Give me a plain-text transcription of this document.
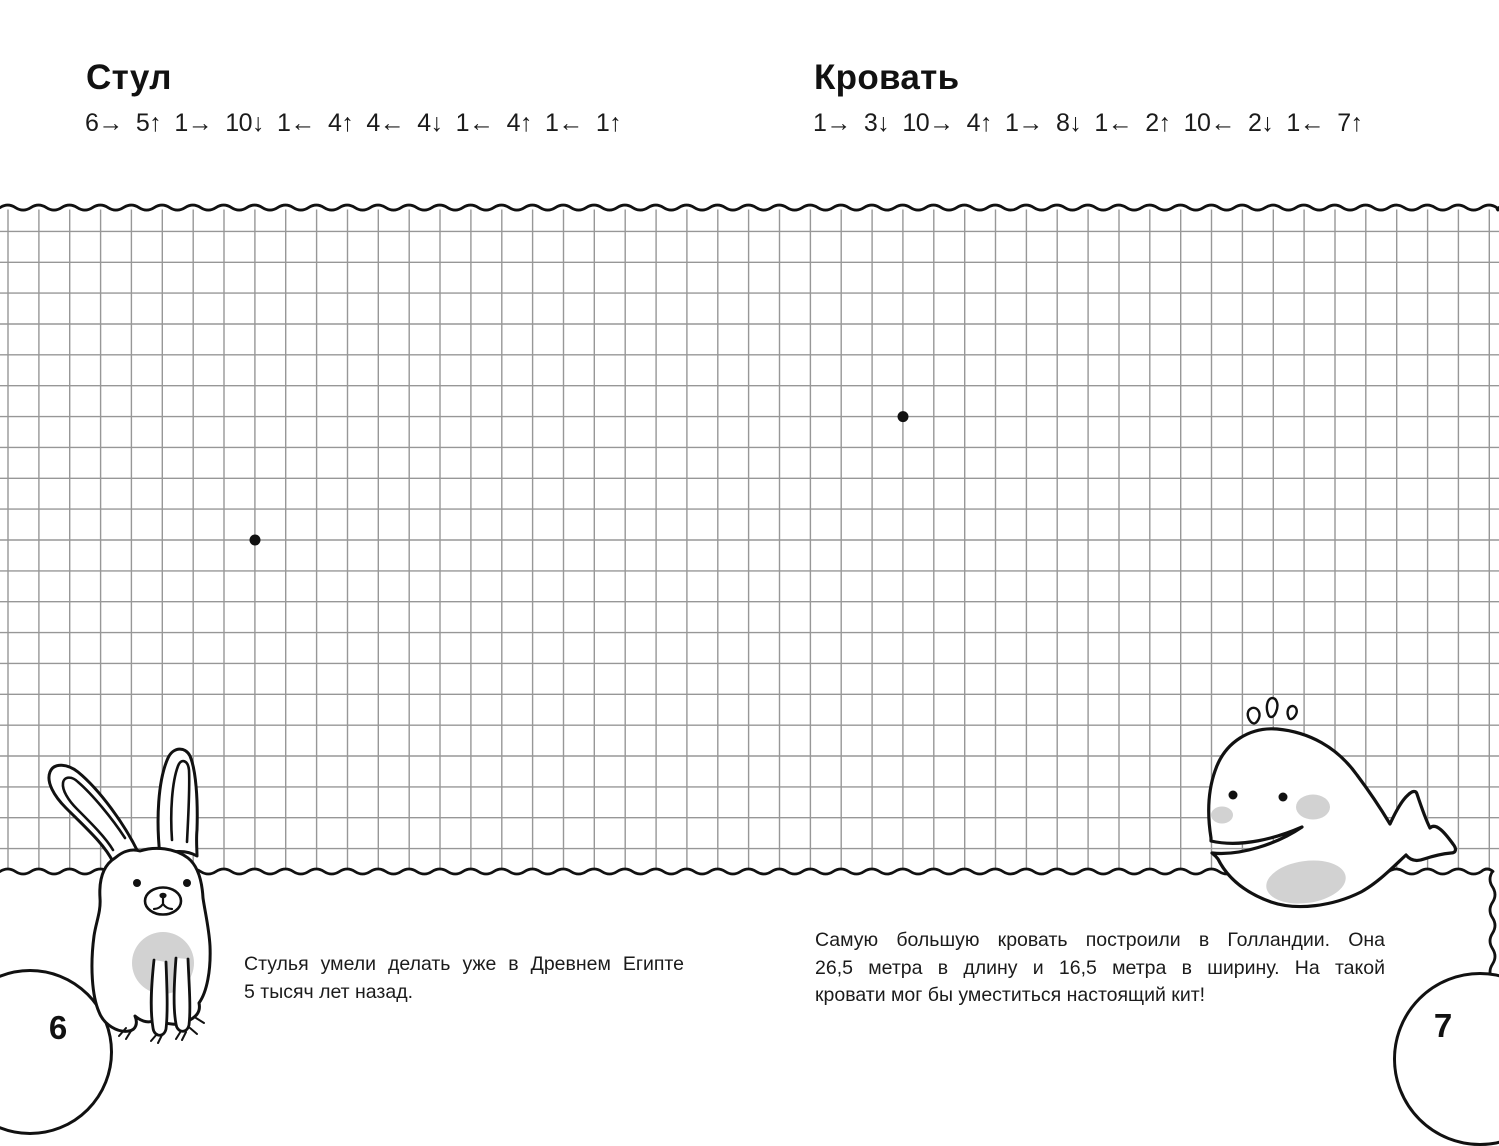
Стул
6→ 5↑ 1→ 10↓ 1← 4↑ 4← 4↓ 1← 4↑ 1← 1↑
Кровать
1→ 3↓ 10→ 4↑ 1→ 8↓ 1← 2↑ 10← 2↓ 1← 7↑
6	7
Стулья умели делать уже в Древнем Египте
5 тысяч лет назад.
Самую большую кровать построили в Голландии. Она
26,5 метра в длину и 16,5 метра в ширину. На такой
кровати мог бы уместиться настоящий кит!
